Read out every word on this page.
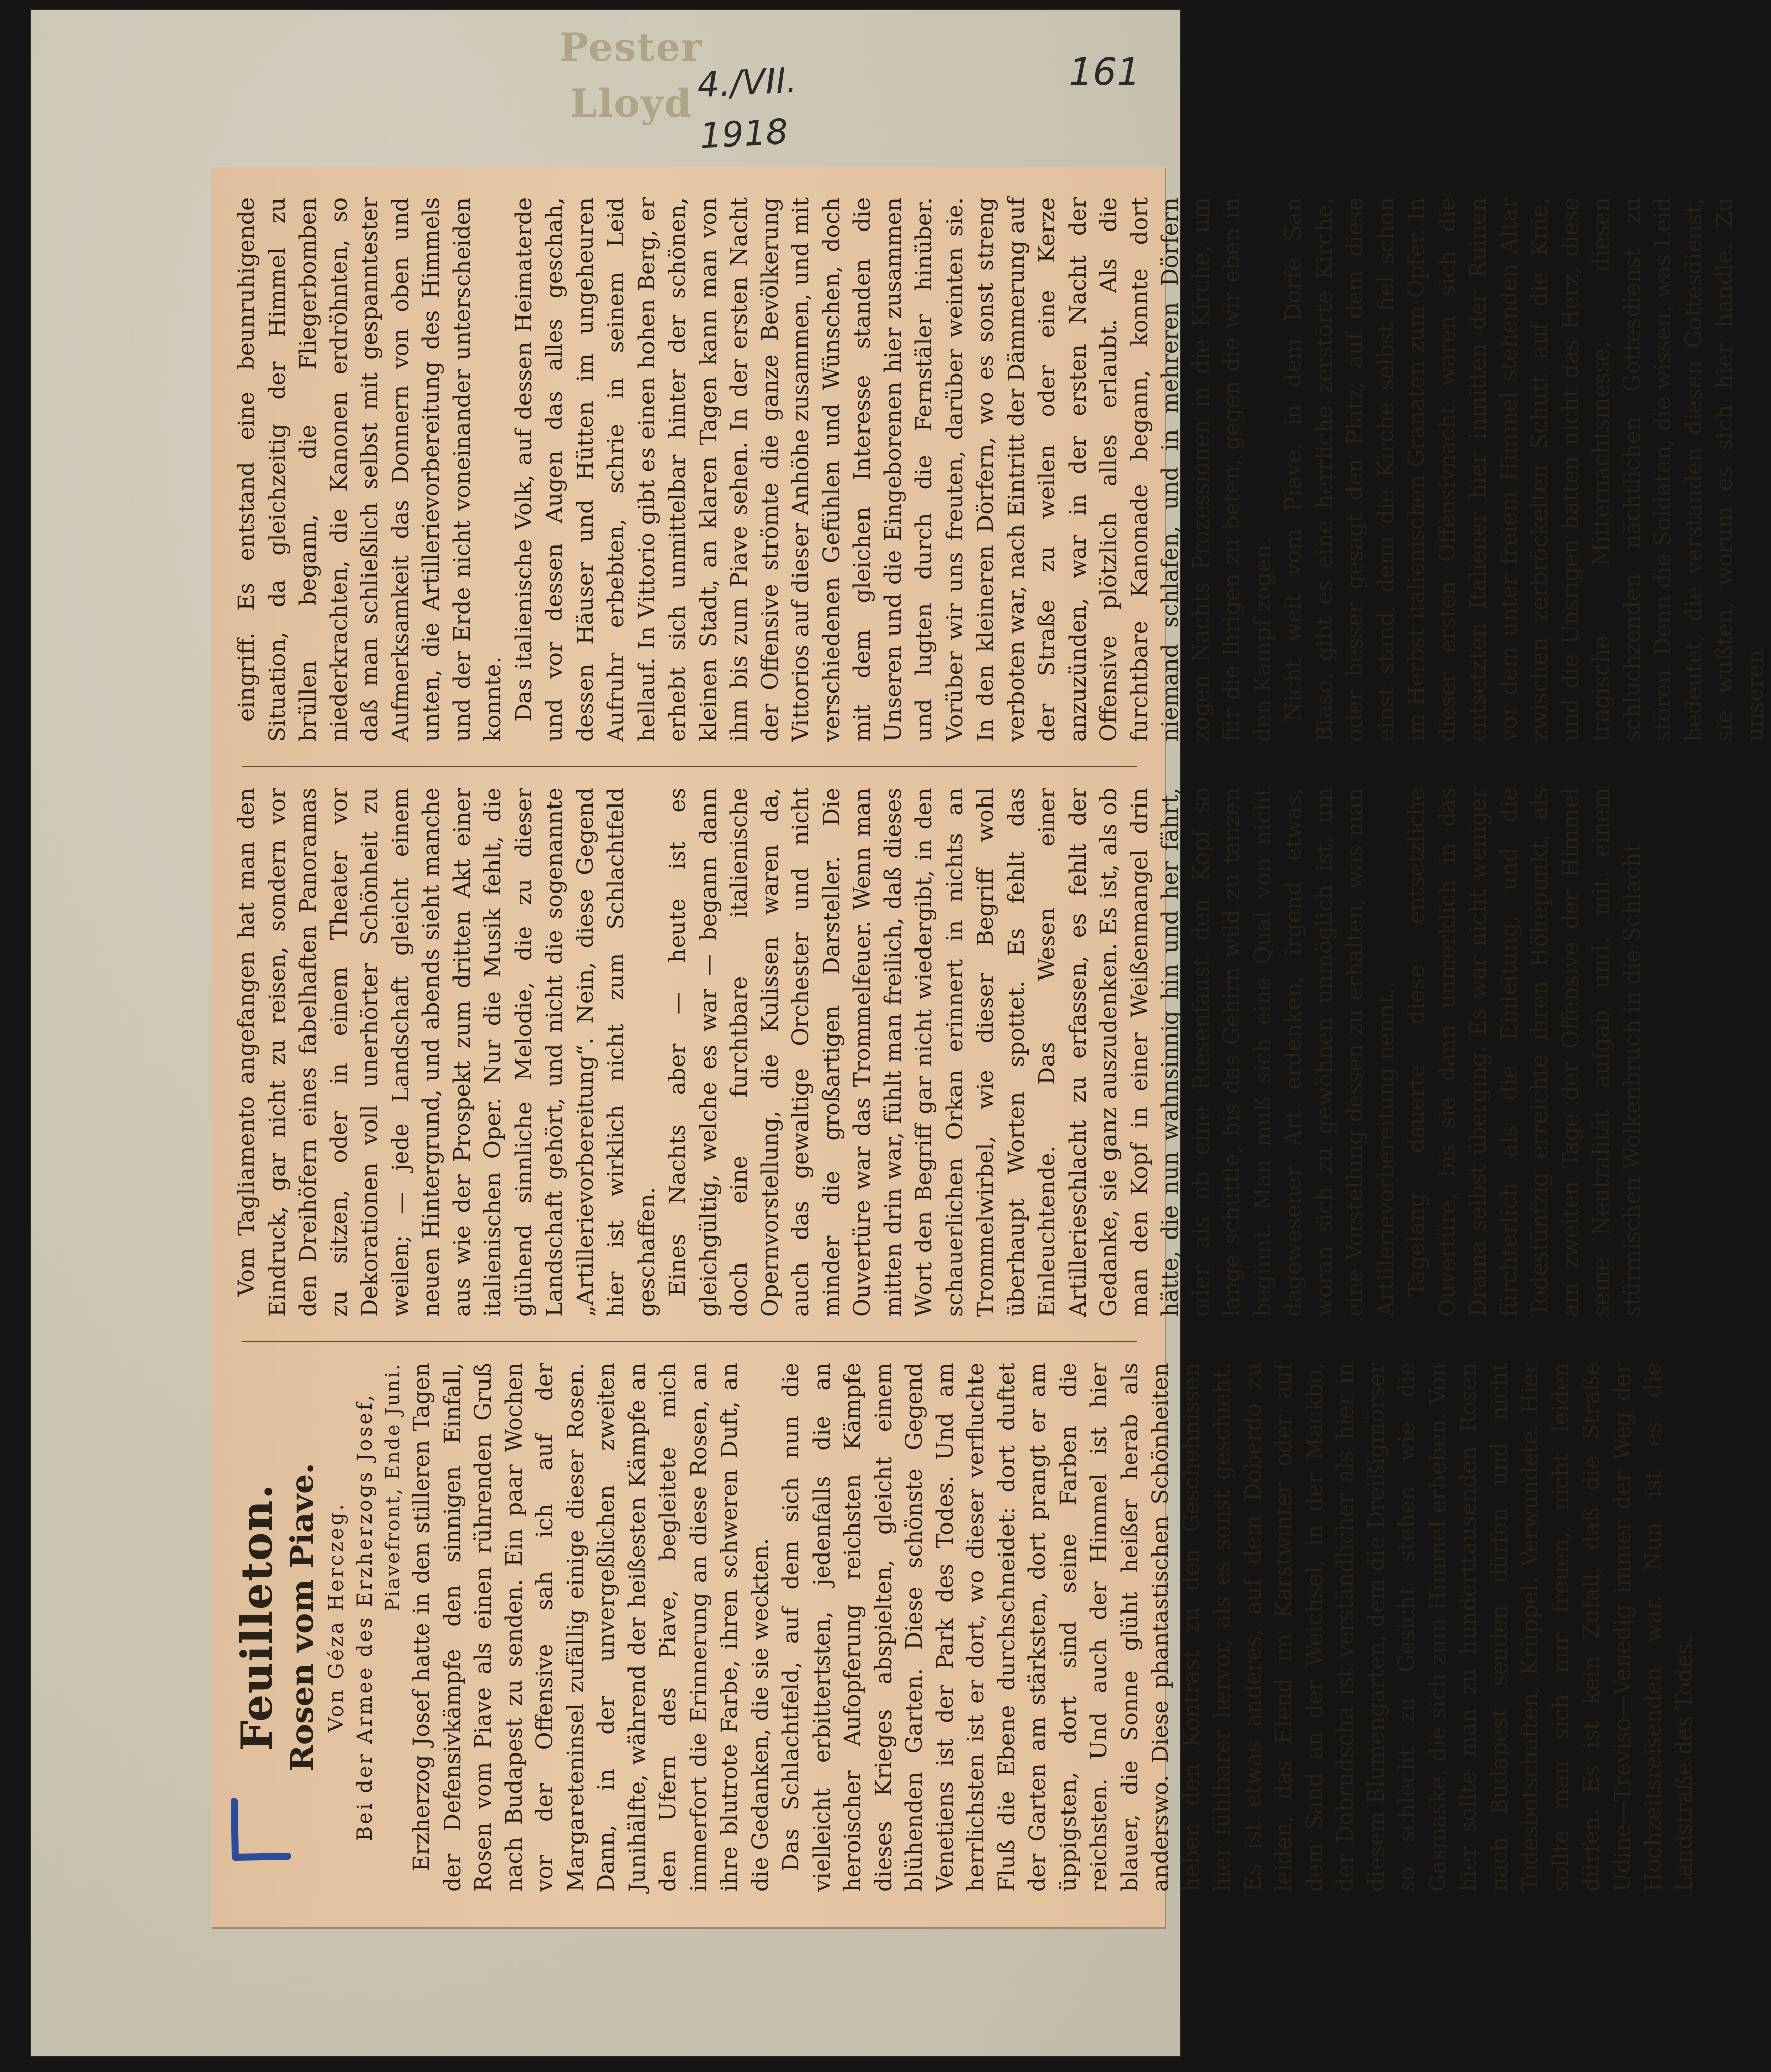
Pester Lloyd 4./VII. 1918
161

Feuilleton. Rosen vom Piave. Von Géza Herczeg. Bei der Armee des Erzherzogs Josef, Piavefront, Ende Juni. Erzherzog Josef hatte in den stilleren Tagen der Defensivkämpfe den sinnigen Einfall, Rosen vom Piave als einen rührenden Gruß nach Budapest zu senden. Ein paar Wochen vor der Offensive sah ich auf der Margareteninsel zufällig einige dieser Rosen. Dann, in der unvergeßlichen zweiten Junihälfte, während der heißesten Kämpfe an den Ufern des Piave, begleitete mich immerfort die Erinnerung an diese Rosen, an ihre blutrote Farbe, ihren schweren Duft, an die Gedanken, die sie weckten. Das Schlachtfeld, auf dem sich nun die vielleicht erbittertsten, jedenfalls die an heroischer Aufopferung reichsten Kämpfe dieses Krieges abspielten, gleicht einem blühenden Garten. Diese schönste Gegend Venetiens ist der Park des Todes. Und am herrlichsten ist er dort, wo dieser verfluchte Fluß die Ebene durchschneidet: dort duftet der Garten am stärksten, dort prangt er am üppigsten, dort sind seine Farben die reichsten. Und auch der Himmel ist hier blauer, die Sonne glüht heißer herab als anderswo. Diese phantastischen Schönheiten heben den Kontrast zu den Geschehnissen hier fühlbarer hervor, als es sonst geschieht. Es ist etwas anderes, auf dem Doberdo zu leiden, das Elend im Karstwinter oder auf dem Sand an der Weichsel, in der Mackbo, der Dobrudscha ist verständlicher als hier in diesem Blumengarten, dem die Dreißigmörser so schlecht zu Gesicht stehen wie die Gasmaske, die sich zum Himmel erheben. Von hier sollte man zu hunderttausenden Rosen nach Budapest senden dürfen und nicht Todesbotschaften, Krüppel, Verwundete. Hier sollte man sich nur freuen, nicht leiden dürfen. Es ist kein Zufall, daß die Straße Udine—Treviso—Venedig immer der Weg der Hochzeitsreisenden war. Nun ist es die Landstraße des Todes.

Vom Tagliamento angefangen hat man den Eindruck, gar nicht zu reisen, sondern vor den Dreihöfern eines fabelhaften Panoramas zu sitzen, oder in einem Theater vor Dekorationen voll unerhörter Schönheit zu weilen; — jede Landschaft gleicht einem neuen Hintergrund, und abends sieht manche aus wie der Prospekt zum dritten Akt einer italienischen Oper. Nur die Musik fehlt, die glühend sinnliche Melodie, die zu dieser Landschaft gehört, und nicht die sogenannte „Artillerievorbereitung“. Nein, diese Gegend hier ist wirklich nicht zum Schlachtfeld geschaffen. Eines Nachts aber — heute ist es gleichgültig, welche es war — begann dann doch eine furchtbare italienische Opernvorstellung, die Kulissen waren da, auch das gewaltige Orchester und nicht minder die großartigen Darsteller. Die Ouvertüre war das Trommelfeuer. Wenn man mitten drin war, fühlt man freilich, daß dieses Wort den Begriff gar nicht wiedergibt, in den schauerlichen Orkan erinnert in nichts an Trommelwirbel, wie dieser Begriff wohl überhaupt Worten spottet. Es fehlt das Einleuchtende. Das Wesen einer Artillerieschlacht zu erfassen, es fehlt der Gedanke, sie ganz auszudenken. Es ist, als ob man den Kopf in einer Weißenmangel drin hätte, die nun wahnsinnig hin und her fährt, oder als ob eine Riesenfaust den Kopf so lange schüttle, bis das Gehirn wild zu tanzen beginnt. Man muß sich eine Qual von nicht dagewesener Art erdenken, irgend etwas, woran sich zu gewöhnen unmöglich ist, um eine Vorstellung dessen zu erhalten, was man Artillerievorbereitung nennt. Tagelang dauerte diese entsetzliche Ouvertüre, bis sie dann unmerklich in das Drama selbst überging. Es war nicht weniger fürchterlich als die Einleitung, und die Todesfünfzig erreichte ihren Höhepunkt, als am zweiten Tage der Offensive der Himmel seine Neutralität aufgab und, mit einem stürmischen Wolkenbruch in die Schlacht

eingriff. Es entstand eine beunruhigende Situation, da gleichzeitig der Himmel zu brüllen begann, die Fliegerbomben niederkrachten, die Kanonen erdröhnten, so daß man schließlich selbst mit gespanntester Aufmerksamkeit das Donnern von oben und unten, die Artillerievorbereitung des Himmels und der Erde nicht voneinander unterscheiden konnte. Das italienische Volk, auf dessen Heimaterde und vor dessen Augen das alles geschah, dessen Häuser und Hütten im ungeheuren Aufruhr erbebten, schrie in seinem Leid hellauf. In Vittorio gibt es einen hohen Berg, er erhebt sich unmittelbar hinter der schönen, kleinen Stadt, an klaren Tagen kann man von ihm bis zum Piave sehen. In der ersten Nacht der Offensive strömte die ganze Bevölkerung Vittorios auf dieser Anhöhe zusammen, und mit verschiedenen Gefühlen und Wünschen, doch mit dem gleichen Interesse standen die Unseren und die Eingeborenen hier zusammen und lugten durch die Fernstäler hinüber. Vorüber wir uns freuten, darüber weinten sie. In den kleineren Dörfern, wo es sonst streng verboten war, nach Eintritt der Dämmerung auf der Straße zu weilen oder eine Kerze anzuzünden, war in der ersten Nacht der Offensive plötzlich alles erlaubt. Als die furchtbare Kanonade begann, konnte dort niemand schlafen, und in mehreren Dörfern zogen Nachts Prozessionen in die Kirche, um für die Ihrigen zu beten, gegen die wir eben in den Kampf zogen. Nicht weit vom Piave, in dem Dorfe San Biaso, gibt es eine herrliche zerstörte Kirche, oder besser gesagt den Platz, auf dem diese einst stand, denn die Kirche selbst fiel schon im Herbst italienischen Granaten zum Opfer. In dieser ersten Offensivnacht waren sich die entsetzten Italiener hier inmitten der Ruinen vor dem unter freiem Himmel stehenden Altar zwischen zerbröckelten Schutt auf die Knie, und die Unsrigen hatten nicht das Herz, diese tragische Mitternachtsmesse, diesen schluchzenden nächtlichen Gottesdienst zu stören. Denn die Soldaten, die wissen, was Leid bedeutet, die verstanden diesen Gottesdienst, sie wußten, worum es sich hier handle. Zu unseren
